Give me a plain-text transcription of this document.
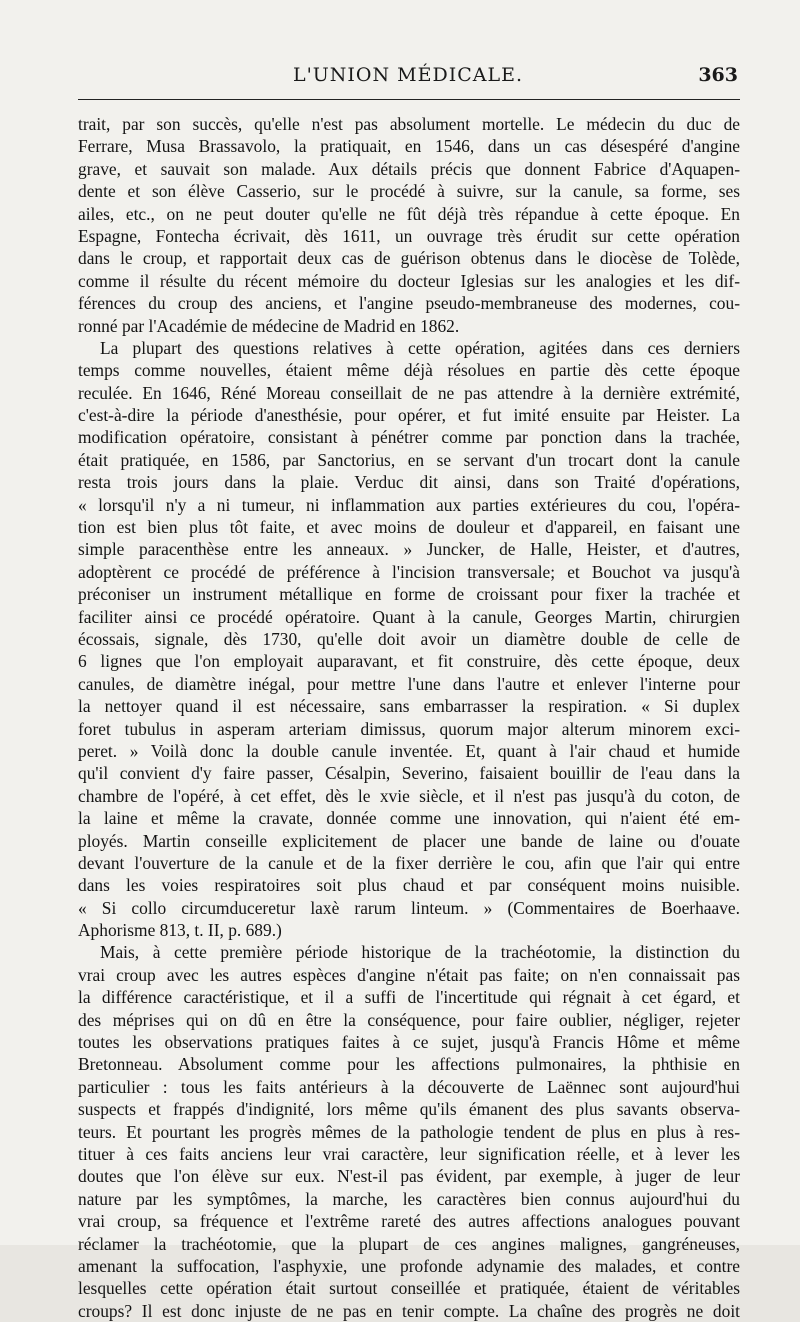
L'UNION MÉDICALE.	363
trait, par son succès, qu'elle n'est pas absolument mortelle. Le médecin du duc de
Ferrare, Musa Brassavolo, la pratiquait, en 1546, dans un cas désespéré d'angine
grave, et sauvait son malade. Aux détails précis que donnent Fabrice d'Aquapen-
dente et son élève Casserio, sur le procédé à suivre, sur la canule, sa forme, ses
ailes, etc., on ne peut douter qu'elle ne fût déjà très répandue à cette époque. En
Espagne, Fontecha écrivait, dès 1611, un ouvrage très érudit sur cette opération
dans le croup, et rapportait deux cas de guérison obtenus dans le diocèse de Tolède,
comme il résulte du récent mémoire du docteur Iglesias sur les analogies et les dif-
férences du croup des anciens, et l'angine pseudo-membraneuse des modernes, cou-
ronné par l'Académie de médecine de Madrid en 1862.
La plupart des questions relatives à cette opération, agitées dans ces derniers
temps comme nouvelles, étaient même déjà résolues en partie dès cette époque
reculée. En 1646, Réné Moreau conseillait de ne pas attendre à la dernière extrémité,
c'est-à-dire la période d'anesthésie, pour opérer, et fut imité ensuite par Heister. La
modification opératoire, consistant à pénétrer comme par ponction dans la trachée,
était pratiquée, en 1586, par Sanctorius, en se servant d'un trocart dont la canule
resta trois jours dans la plaie. Verduc dit ainsi, dans son Traité d'opérations,
« lorsqu'il n'y a ni tumeur, ni inflammation aux parties extérieures du cou, l'opéra-
tion est bien plus tôt faite, et avec moins de douleur et d'appareil, en faisant une
simple paracenthèse entre les anneaux. » Juncker, de Halle, Heister, et d'autres,
adoptèrent ce procédé de préférence à l'incision transversale; et Bouchot va jusqu'à
préconiser un instrument métallique en forme de croissant pour fixer la trachée et
faciliter ainsi ce procédé opératoire. Quant à la canule, Georges Martin, chirurgien
écossais, signale, dès 1730, qu'elle doit avoir un diamètre double de celle de
6 lignes que l'on employait auparavant, et fit construire, dès cette époque, deux
canules, de diamètre inégal, pour mettre l'une dans l'autre et enlever l'interne pour
la nettoyer quand il est nécessaire, sans embarrasser la respiration. « Si duplex
foret tubulus in asperam arteriam dimissus, quorum major alterum minorem exci-
peret. » Voilà donc la double canule inventée. Et, quant à l'air chaud et humide
qu'il convient d'y faire passer, Césalpin, Severino, faisaient bouillir de l'eau dans la
chambre de l'opéré, à cet effet, dès le xvie siècle, et il n'est pas jusqu'à du coton, de
la laine et même la cravate, donnée comme une innovation, qui n'aient été em-
ployés. Martin conseille explicitement de placer une bande de laine ou d'ouate
devant l'ouverture de la canule et de la fixer derrière le cou, afin que l'air qui entre
dans les voies respiratoires soit plus chaud et par conséquent moins nuisible.
« Si collo circumduceretur laxè rarum linteum. » (Commentaires de Boerhaave.
Aphorisme 813, t. II, p. 689.)
Mais, à cette première période historique de la trachéotomie, la distinction du
vrai croup avec les autres espèces d'angine n'était pas faite; on n'en connaissait pas
la différence caractéristique, et il a suffi de l'incertitude qui régnait à cet égard, et
des méprises qui on dû en être la conséquence, pour faire oublier, négliger, rejeter
toutes les observations pratiques faites à ce sujet, jusqu'à Francis Hôme et même
Bretonneau. Absolument comme pour les affections pulmonaires, la phthisie en
particulier : tous les faits antérieurs à la découverte de Laënnec sont aujourd'hui
suspects et frappés d'indignité, lors même qu'ils émanent des plus savants observa-
teurs. Et pourtant les progrès mêmes de la pathologie tendent de plus en plus à res-
tituer à ces faits anciens leur vrai caractère, leur signification réelle, et à lever les
doutes que l'on élève sur eux. N'est-il pas évident, par exemple, à juger de leur
nature par les symptômes, la marche, les caractères bien connus aujourd'hui du
vrai croup, sa fréquence et l'extrême rareté des autres affections analogues pouvant
réclamer la trachéotomie, que la plupart de ces angines malignes, gangréneuses,
amenant la suffocation, l'asphyxie, une profonde adynamie des malades, et contre
lesquelles cette opération était surtout conseillée et pratiquée, étaient de véritables
croups? Il est donc injuste de ne pas en tenir compte. La chaîne des progrès ne doit
